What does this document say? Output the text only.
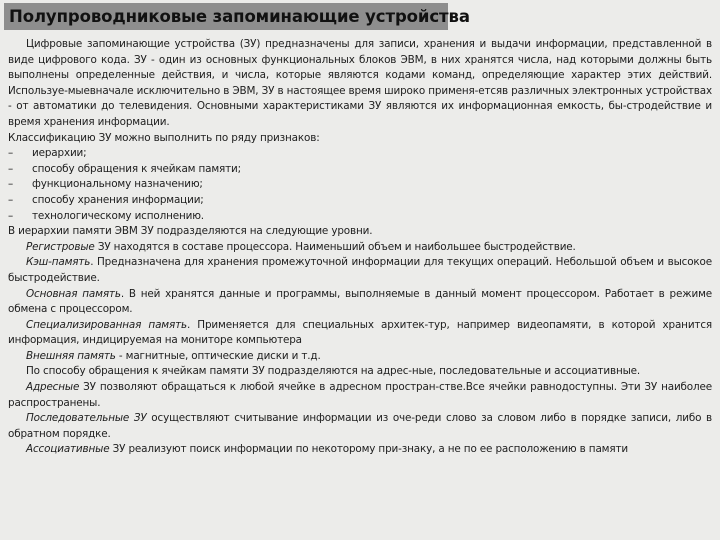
Полупроводниковые запоминающие устройства

Цифровые запоминающие устройства (ЗУ) предназначены для записи, хранения и выдачи информации, представленной в виде цифрового кода. ЗУ - один из основных функциональных блоков ЭВМ, в них хранятся числа, над которыми должны быть выполнены определенные действия, и числа, которые являются кодами команд, определяющие характер этих действий. Используе-мыевначале исключительно в ЭВМ, ЗУ в настоящее время широко применя-етсяв различных электронных устройствах - от автоматики до телевидения. Основными характеристиками ЗУ являются их информационная емкость, бы-стродействие и время хранения информации.

Классификацию ЗУ можно выполнить по ряду признаков:

–	иерархии;
–	способу обращения к ячейкам памяти;
–	функциональному назначению;
–	способу хранения информации;
–	технологическому исполнению.

В иерархии памяти ЭВМ ЗУ подразделяются на следующие уровни.

Регистровые ЗУ находятся в составе процессора. Наименьший объем и наибольшее быстродействие.

Кэш-память. Предназначена для хранения промежуточной информации для текущих операций. Небольшой объем и высокое быстродействие.

Основная память. В ней хранятся данные и программы, выполняемые в данный момент процессором. Работает в режиме обмена с процессором.

Специализированная память. Применяется для специальных архитек-тур, например видеопамяти, в которой хранится информация, индицируемая на мониторе компьютера

Внешняя память - магнитные, оптические диски и т.д.

По способу обращения к ячейкам памяти ЗУ подразделяются на адрес-ные, последовательные и ассоциативные.

Адресные ЗУ позволяют обращаться к любой ячейке в адресном простран-стве.Все ячейки равнодоступны. Эти ЗУ наиболее распространены.

Последовательные ЗУ осуществляют считывание информации из оче-реди слово за словом либо в порядке записи, либо в обратном порядке.

Ассоциативные ЗУ реализуют поиск информации по некоторому при-знаку, а не по ее расположению в памяти
